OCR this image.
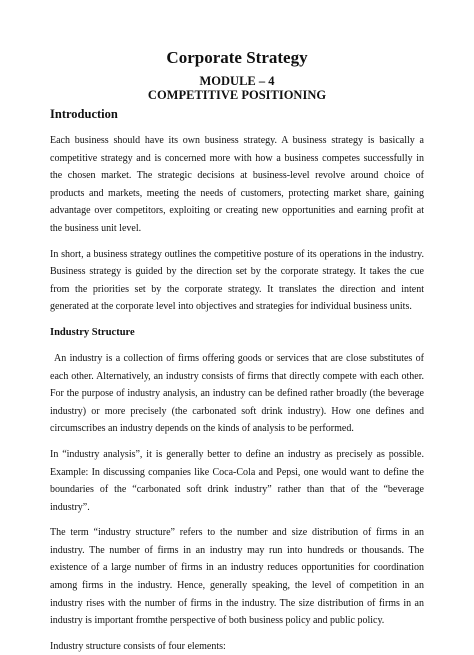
Corporate Strategy
MODULE – 4
COMPETITIVE POSITIONING
Introduction

Each business should have its own business strategy. A business strategy is basically a competitive strategy and is concerned more with how a business competes successfully in the chosen market. The strategic decisions at business-level revolve around choice of products and markets, meeting the needs of customers, protecting market share, gaining advantage over competitors, exploiting or creating new opportunities and earning profit at the business unit level.

In short, a business strategy outlines the competitive posture of its operations in the industry. Business strategy is guided by the direction set by the corporate strategy. It takes the cue from the priorities set by the corporate strategy. It translates the direction and intent generated at the corporate level into objectives and strategies for individual business units.

Industry Structure

An industry is a collection of firms offering goods or services that are close substitutes of each other. Alternatively, an industry consists of firms that directly compete with each other. For the purpose of industry analysis, an industry can be defined rather broadly (the beverage industry) or more precisely (the carbonated soft drink industry). How one defines and circumscribes an industry depends on the kinds of analysis to be performed.

In “industry analysis”, it is generally better to define an industry as precisely as possible. Example: In discussing companies like Coca-Cola and Pepsi, one would want to define the boundaries of the “carbonated soft drink industry” rather than that of the “beverage industry”.

The term “industry structure” refers to the number and size distribution of firms in an industry. The number of firms in an industry may run into hundreds or thousands. The existence of a large number of firms in an industry reduces opportunities for coordination among firms in the industry. Hence, generally speaking, the level of competition in an industry rises with the number of firms in the industry. The size distribution of firms in an industry is important fromthe perspective of both business policy and public policy.

Industry structure consists of four elements:
